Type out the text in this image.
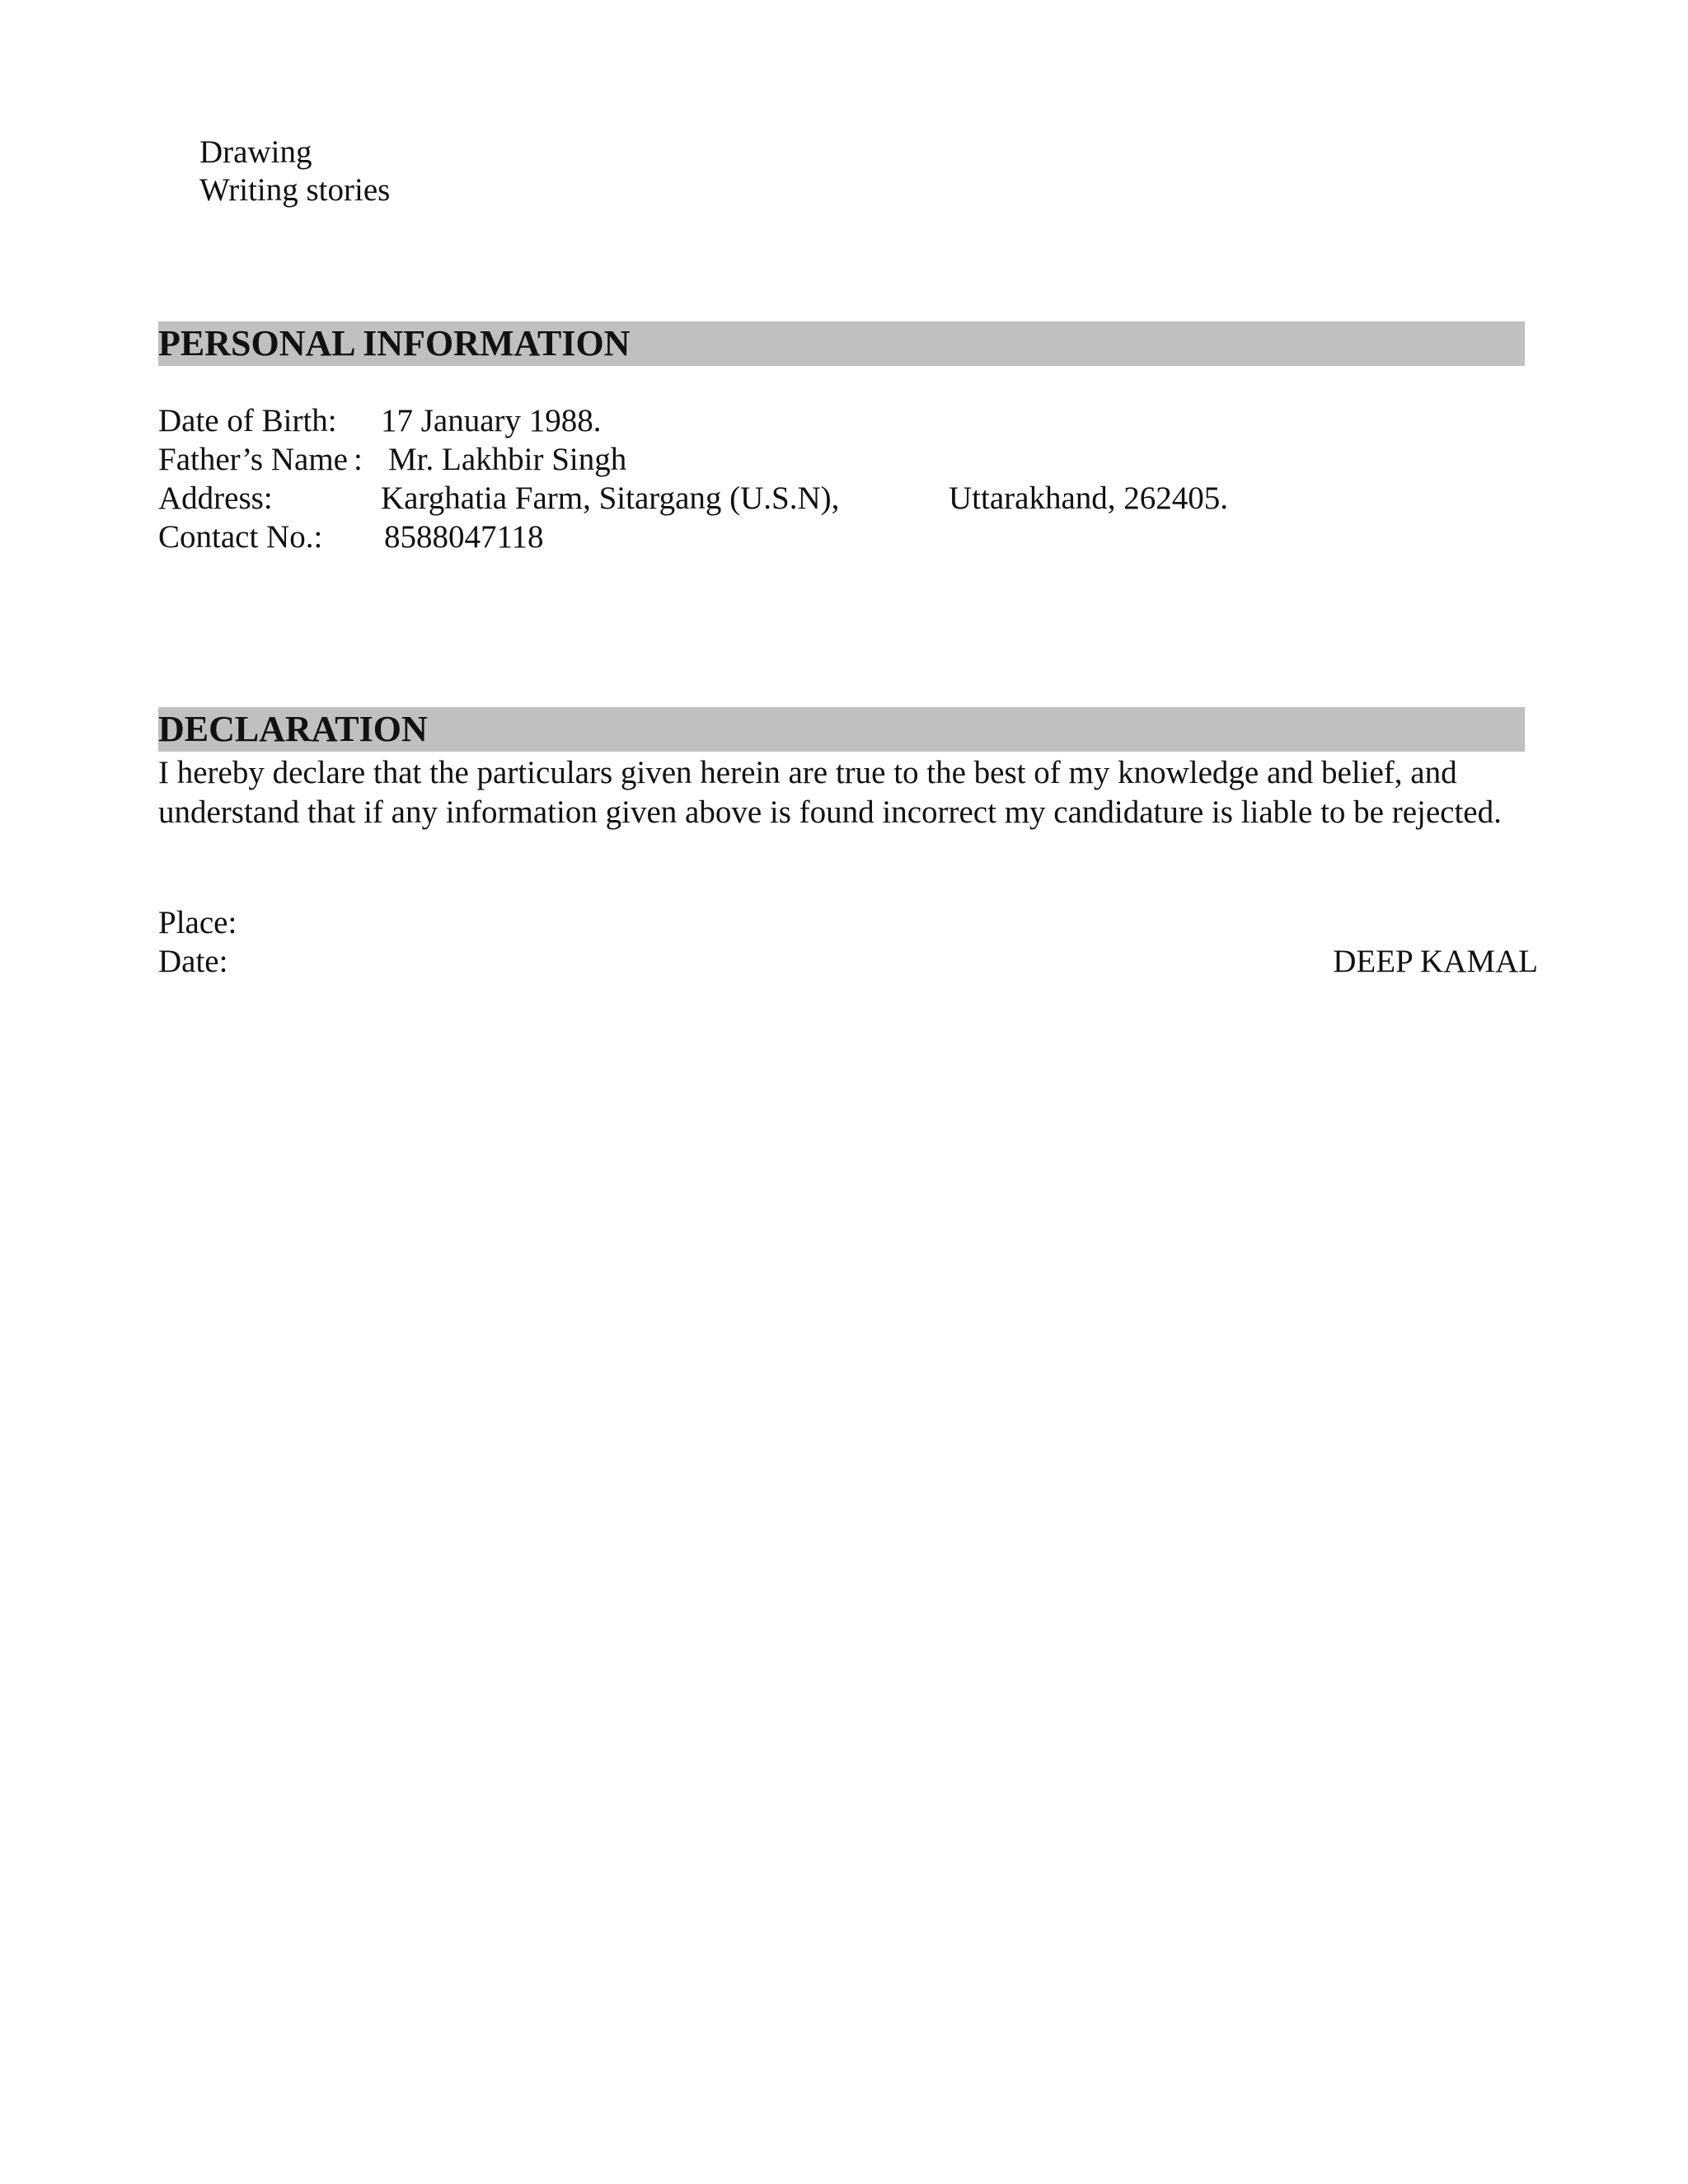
Drawing
Writing stories
PERSONAL INFORMATION
Date of Birth: 17 January 1988.
Father’s Name : Mr. Lakhbir Singh
Address:	Karghatia Farm, Sitargang (U.S.N),	Uttarakhand, 262405.
Contact No.: 8588047118
DECLARATION
I hereby declare that the particulars given herein are true to the best of my knowledge and belief, and understand that if any information given above is found incorrect my candidature is liable to be rejected.
Place:
Date:	DEEP KAMAL
